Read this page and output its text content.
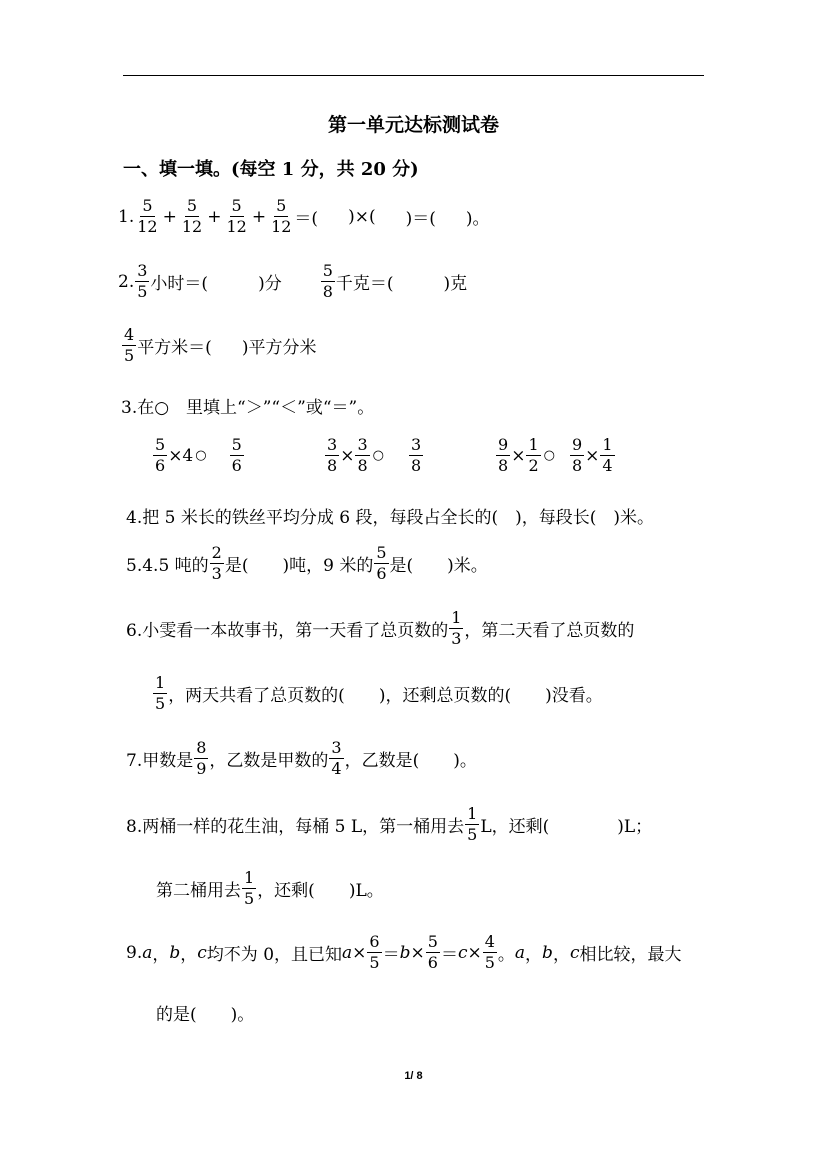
第一单元达标测试卷
一、填一填。(每空 1 分，共 20 分)
1. $\frac{5}{12} + \frac{5}{12} + \frac{5}{12} + \frac{5}{12}$ ＝( )×( )＝( )。
2. $\frac{3}{5}$ 小时＝(	)分 $\frac{5}{8}$ 千克＝(	)克
$\frac{4}{5}$ 平方米＝( )平方分米
3.在○　里填上“＞”“＜”或“＝”。
$\frac{5}{6} \times 4$ ○ $\frac{5}{6}$	$\frac{3}{8} \times \frac{3}{8}$ ○ $\frac{3}{8}$	$\frac{9}{8} \times \frac{1}{2}$ ○ $\frac{9}{8} \times \frac{1}{4}$
4.把 5 米长的铁丝平均分成 6 段，每段占全长的(　)，每段长(　)米。
5.4.5 吨的 $\frac{2}{3}$ 是(　　)吨，9 米的 $\frac{5}{6}$ 是(　　)米。
6.小雯看一本故事书，第一天看了总页数的 $\frac{1}{3}$ ，第二天看了总页数的
$\frac{1}{5}$ ，两天共看了总页数的(　　)，还剩总页数的(　　)没看。
7.甲数是 $\frac{8}{9}$ ，乙数是甲数的 $\frac{3}{4}$ ，乙数是(　　)。
8.两桶一样的花生油，每桶 5 L，第一桶用去 $\frac{1}{5}$ L，还剩(　　　　)L；
第二桶用去 $\frac{1}{5}$ ，还剩(　　)L。
9. a ， b ， c 均不为 0，且已知 $a \times \frac{6}{5} = b \times \frac{5}{6} = c \times \frac{4}{5}$ 。 a ， b ， c 相比较，最大
的是(　　)。
1/ 8
